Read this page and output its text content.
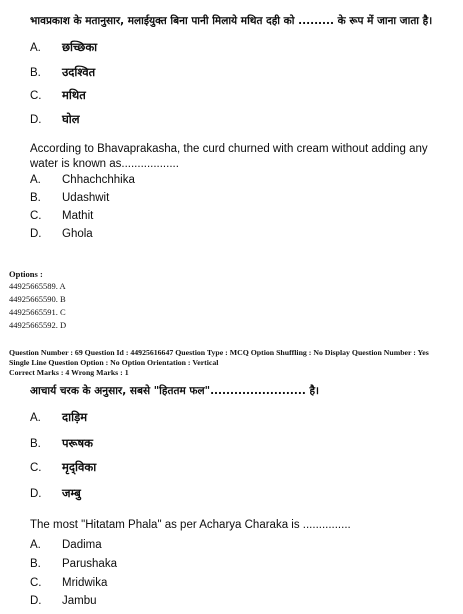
भावप्रकाश के मतानुसार, मलाईयुक्त बिना पानी मिलाये मथित दही को ......... के रूप में जाना जाता है।
A. छच्छिका
B. उदश्वित
C. मथित
D. घोल
According to Bhavaprakasha, the curd churned with cream without adding any water is known as..................
A. Chhachchhika
B. Udashwit
C. Mathit
D. Ghola
Options :
44925665589. A
44925665590. B
44925665591. C
44925665592. D
Question Number : 69 Question Id : 44925616647 Question Type : MCQ Option Shuffling : No Display Question Number : Yes
Single Line Question Option : No Option Orientation : Vertical
Correct Marks : 4 Wrong Marks : 1
आचार्य चरक के अनुसार, सबसे "हिततम फल"........................ है।
A. दाड़िम
B. परूषक
C. मृद्‌विका
D. जम्बु
The most "Hitatam Phala" as per Acharya Charaka is ...............
A. Dadima
B. Parushaka
C. Mridwika
D. Jambu
